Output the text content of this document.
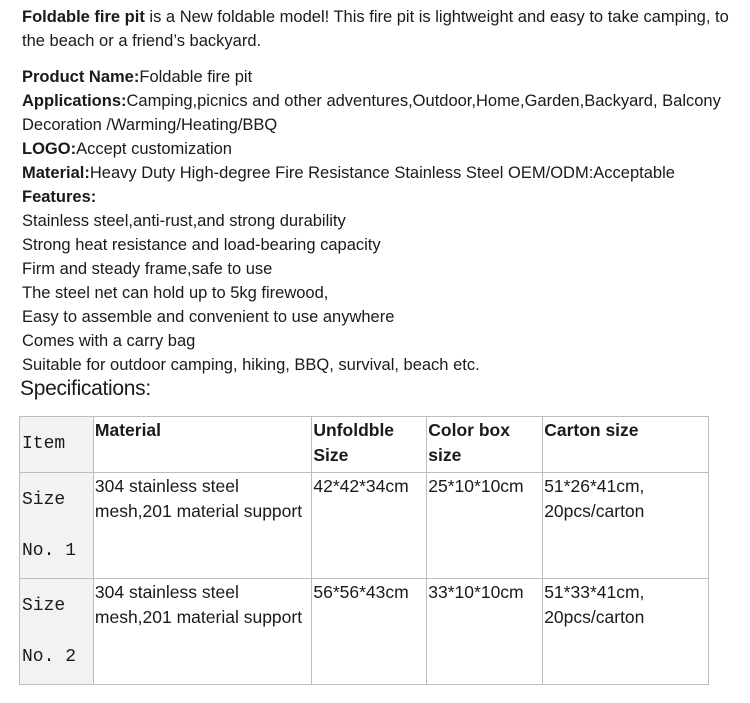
Foldable fire pit is a New foldable model! This fire pit is lightweight and easy to take camping, to the beach or a friend’s backyard.
Product Name:Foldable fire pit
Applications:Camping,picnics and other adventures,Outdoor,Home,Garden,Backyard, Balcony Decoration /Warming/Heating/BBQ
LOGO:Accept customization
Material:Heavy Duty High-degree Fire Resistance Stainless Steel OEM/ODM:Acceptable
Features:
Stainless steel,anti-rust,and strong durability
Strong heat resistance and load-bearing capacity
Firm and steady frame,safe to use
The steel net can hold up to 5kg firewood,
Easy to assemble and convenient to use anywhere
Comes with a carry bag
Suitable for outdoor camping, hiking, BBQ, survival, beach etc.
Specifications:
Item	Material	Unfoldble Size	Color box size	Carton size

Size
No. 1	304 stainless steel mesh,201 material support	42*42*34cm	25*10*10cm	51*26*41cm, 20pcs/carton

Size
No. 2	304 stainless steel mesh,201 material support	56*56*43cm	33*10*10cm	51*33*41cm, 20pcs/carton
